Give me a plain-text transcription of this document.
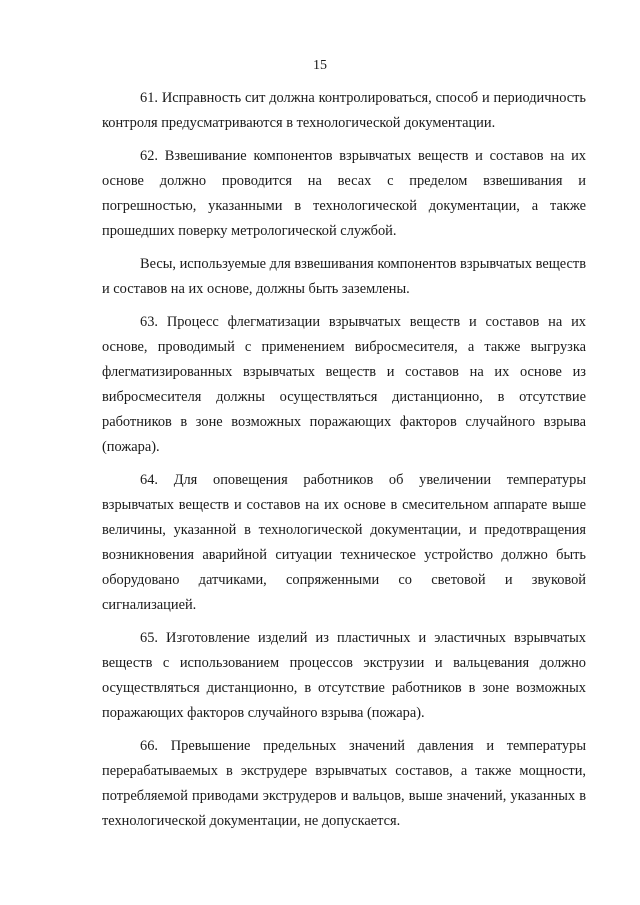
15

61. Исправность сит должна контролироваться, способ и периодичность контроля предусматриваются в технологической документации.

62. Взвешивание компонентов взрывчатых веществ и составов на их основе должно проводится на весах с пределом взвешивания и погрешностью, указанными в технологической документации, а также прошедших поверку метрологической службой.

Весы, используемые для взвешивания компонентов взрывчатых веществ и составов на их основе, должны быть заземлены.

63. Процесс флегматизации взрывчатых веществ и составов на их основе, проводимый с применением вибросмесителя, а также выгрузка флегматизированных взрывчатых веществ и составов на их основе из вибросмесителя должны осуществляться дистанционно, в отсутствие работников в зоне возможных поражающих факторов случайного взрыва (пожара).

64. Для оповещения работников об увеличении температуры взрывчатых веществ и составов на их основе в смесительном аппарате выше величины, указанной в технологической документации, и предотвращения возникновения аварийной ситуации техническое устройство должно быть оборудовано датчиками, сопряженными со световой и звуковой сигнализацией.

65. Изготовление изделий из пластичных и эластичных взрывчатых веществ с использованием процессов экструзии и вальцевания должно осуществляться дистанционно, в отсутствие работников в зоне возможных поражающих факторов случайного взрыва (пожара).

66. Превышение предельных значений давления и температуры перерабатываемых в экструдере взрывчатых составов, а также мощности, потребляемой приводами экструдеров и вальцов, выше значений, указанных в технологической документации, не допускается.
